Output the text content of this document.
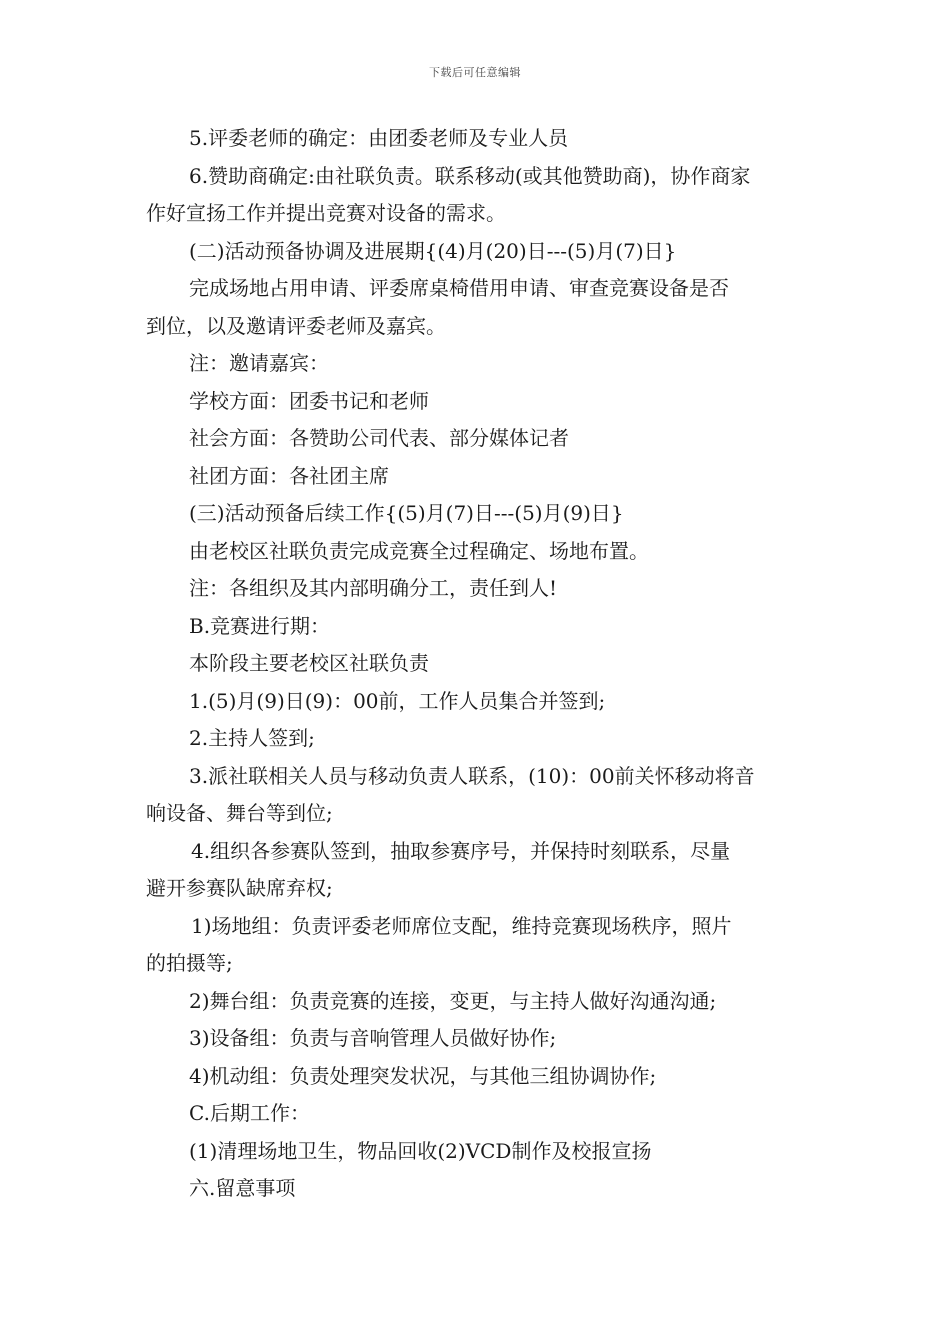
下载后可任意编辑
5.评委老师的确定：由团委老师及专业人员
6.赞助商确定:由社联负责。联系移动(或其他赞助商)，协作商家
作好宣扬工作并提出竞赛对设备的需求。
(二)活动预备协调及进展期{(4)月(20)日---(5)月(7)日}
完成场地占用申请、评委席桌椅借用申请、审查竞赛设备是否
到位，以及邀请评委老师及嘉宾。
注：邀请嘉宾：
学校方面：团委书记和老师
社会方面：各赞助公司代表、部分媒体记者
社团方面：各社团主席
(三)活动预备后续工作{(5)月(7)日---(5)月(9)日}
由老校区社联负责完成竞赛全过程确定、场地布置。
注：各组织及其内部明确分工，责任到人!
B.竞赛进行期：
本阶段主要老校区社联负责
1.(5)月(9)日(9)：00前，工作人员集合并签到;
2.主持人签到;
3.派社联相关人员与移动负责人联系，(10)：00前关怀移动将音
响设备、舞台等到位;
4.组织各参赛队签到，抽取参赛序号，并保持时刻联系，尽量
避开参赛队缺席弃权;
1)场地组：负责评委老师席位支配，维持竞赛现场秩序，照片
的拍摄等;
2)舞台组：负责竞赛的连接，变更，与主持人做好沟通沟通;
3)设备组：负责与音响管理人员做好协作;
4)机动组：负责处理突发状况，与其他三组协调协作;
C.后期工作：
(1)清理场地卫生，物品回收(2)VCD制作及校报宣扬
六.留意事项
